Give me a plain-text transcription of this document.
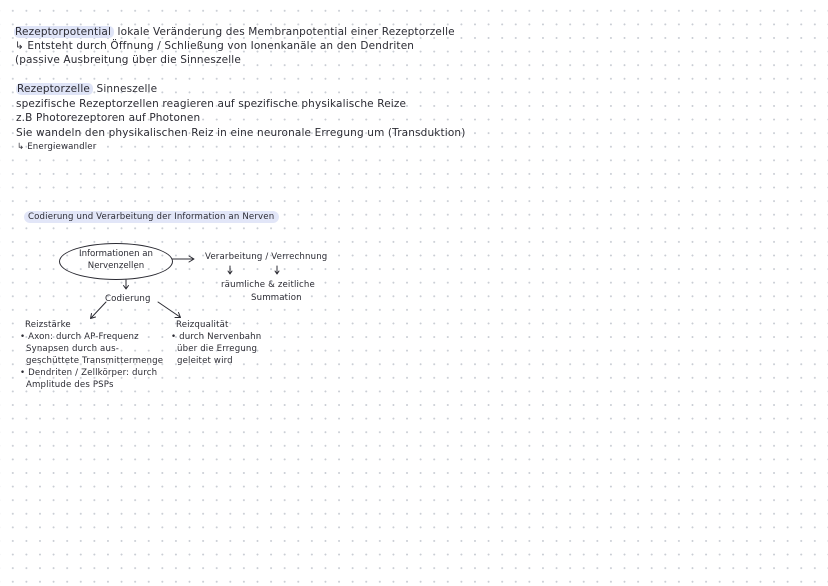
Rezeptorpotential lokale Veränderung des Membranpotential einer Rezeptorzelle
↳ Entsteht durch Öffnung / Schließung von Ionenkanäle an den Dendriten
(passive Ausbreitung über die Sinneszelle
Rezeptorzelle Sinneszelle
spezifische Rezeptorzellen reagieren auf spezifische physikalische Reize
z.B Photorezeptoren auf Photonen
Sie wandeln den physikalischen Reiz in eine neuronale Erregung um (Transduktion)
↳ Energiewandler
Codierung und Verarbeitung der Information an Nerven
Informationen an
Nervenzellen
Verarbeitung / Verrechnung
räumliche & zeitliche
Summation
Codierung
Reizstärke
• Axon: durch AP-Frequenz
Synapsen durch aus-
geschüttete Transmittermenge
• Dendriten / Zellkörper: durch
Amplitude des PSPs
Reizqualität
• durch Nervenbahn
über die Erregung
geleitet wird
